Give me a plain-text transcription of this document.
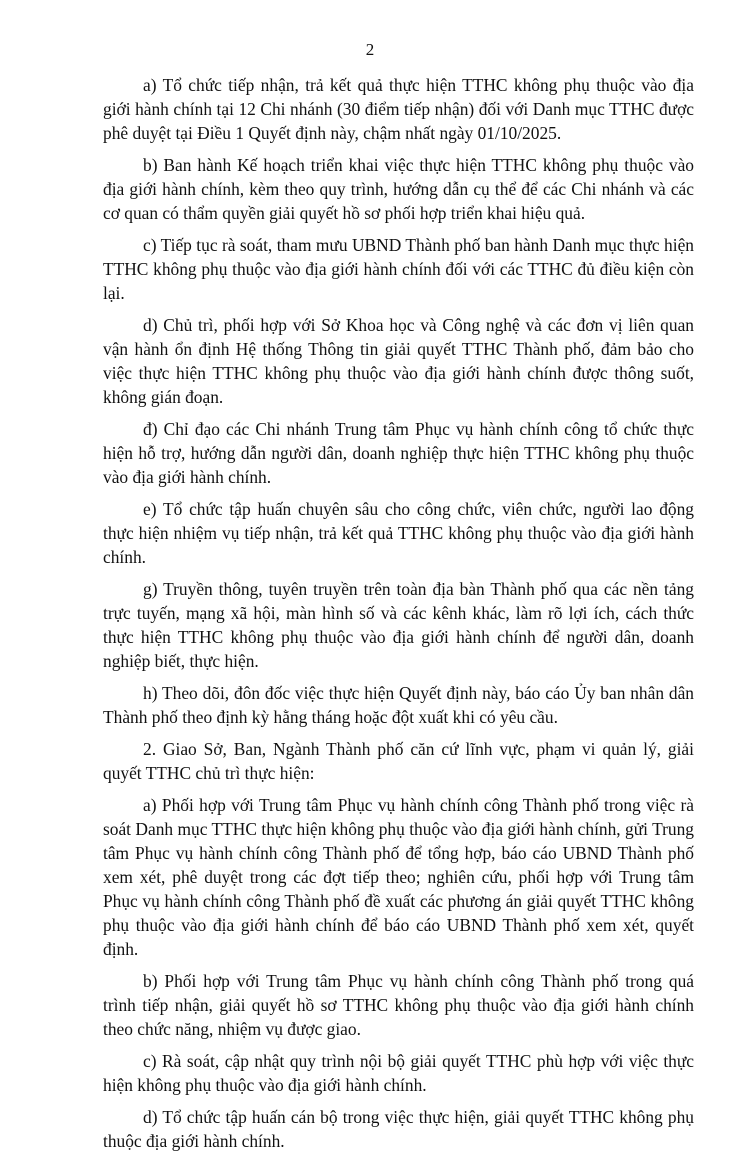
2

a) Tổ chức tiếp nhận, trả kết quả thực hiện TTHC không phụ thuộc vào địa giới hành chính tại 12 Chi nhánh (30 điểm tiếp nhận) đối với Danh mục TTHC được phê duyệt tại Điều 1 Quyết định này, chậm nhất ngày 01/10/2025.

b) Ban hành Kế hoạch triển khai việc thực hiện TTHC không phụ thuộc vào địa giới hành chính, kèm theo quy trình, hướng dẫn cụ thể để các Chi nhánh và các cơ quan có thẩm quyền giải quyết hồ sơ phối hợp triển khai hiệu quả.

c) Tiếp tục rà soát, tham mưu UBND Thành phố ban hành Danh mục thực hiện TTHC không phụ thuộc vào địa giới hành chính đối với các TTHC đủ điều kiện còn lại.

d) Chủ trì, phối hợp với Sở Khoa học và Công nghệ và các đơn vị liên quan vận hành ổn định Hệ thống Thông tin giải quyết TTHC Thành phố, đảm bảo cho việc thực hiện TTHC không phụ thuộc vào địa giới hành chính được thông suốt, không gián đoạn.

đ) Chỉ đạo các Chi nhánh Trung tâm Phục vụ hành chính công tổ chức thực hiện hỗ trợ, hướng dẫn người dân, doanh nghiệp thực hiện TTHC không phụ thuộc vào địa giới hành chính.

e) Tổ chức tập huấn chuyên sâu cho công chức, viên chức, người lao động thực hiện nhiệm vụ tiếp nhận, trả kết quả TTHC không phụ thuộc vào địa giới hành chính.

g) Truyền thông, tuyên truyền trên toàn địa bàn Thành phố qua các nền tảng trực tuyến, mạng xã hội, màn hình số và các kênh khác, làm rõ lợi ích, cách thức thực hiện TTHC không phụ thuộc vào địa giới hành chính để người dân, doanh nghiệp biết, thực hiện.

h) Theo dõi, đôn đốc việc thực hiện Quyết định này, báo cáo Ủy ban nhân dân Thành phố theo định kỳ hằng tháng hoặc đột xuất khi có yêu cầu.

2. Giao Sở, Ban, Ngành Thành phố căn cứ lĩnh vực, phạm vi quản lý, giải quyết TTHC chủ trì thực hiện:

a) Phối hợp với Trung tâm Phục vụ hành chính công Thành phố trong việc rà soát Danh mục TTHC thực hiện không phụ thuộc vào địa giới hành chính, gửi Trung tâm Phục vụ hành chính công Thành phố để tổng hợp, báo cáo UBND Thành phố xem xét, phê duyệt trong các đợt tiếp theo; nghiên cứu, phối hợp với Trung tâm Phục vụ hành chính công Thành phố đề xuất các phương án giải quyết TTHC không phụ thuộc vào địa giới hành chính để báo cáo UBND Thành phố xem xét, quyết định.

b) Phối hợp với Trung tâm Phục vụ hành chính công Thành phố trong quá trình tiếp nhận, giải quyết hồ sơ TTHC không phụ thuộc vào địa giới hành chính theo chức năng, nhiệm vụ được giao.

c) Rà soát, cập nhật quy trình nội bộ giải quyết TTHC phù hợp với việc thực hiện không phụ thuộc vào địa giới hành chính.

d) Tổ chức tập huấn cán bộ trong việc thực hiện, giải quyết TTHC không phụ thuộc địa giới hành chính.
